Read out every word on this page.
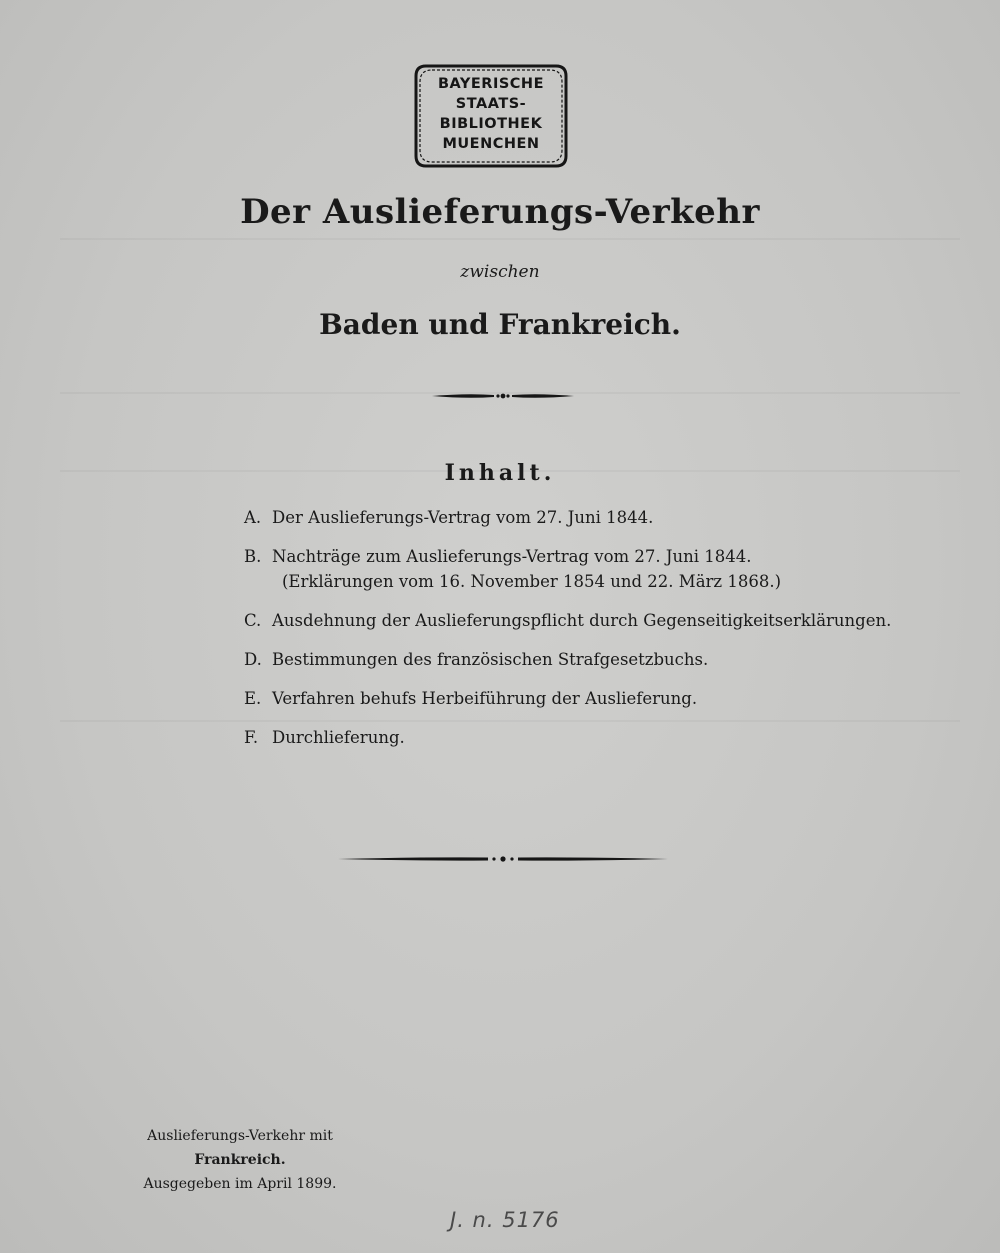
BAYERISCHE
STAATS-
BIBLIOTHEK
MUENCHEN
Der Auslieferungs-Verkehr
zwischen
Baden und Frankreich.
Inhalt.
A. Der Auslieferungs-Vertrag vom 27. Juni 1844.
B. Nachträge zum Auslieferungs-Vertrag vom 27. Juni 1844.
(Erklärungen vom 16. November 1854 und 22. März 1868.)
C. Ausdehnung der Auslieferungspflicht durch Gegenseitigkeitserklärungen.
D. Bestimmungen des französischen Strafgesetzbuchs.
E. Verfahren behufs Herbeiführung der Auslieferung.
F. Durchlieferung.
Auslieferungs-Verkehr mit Frankreich.
Ausgegeben im April 1899.
J. n. 5176
